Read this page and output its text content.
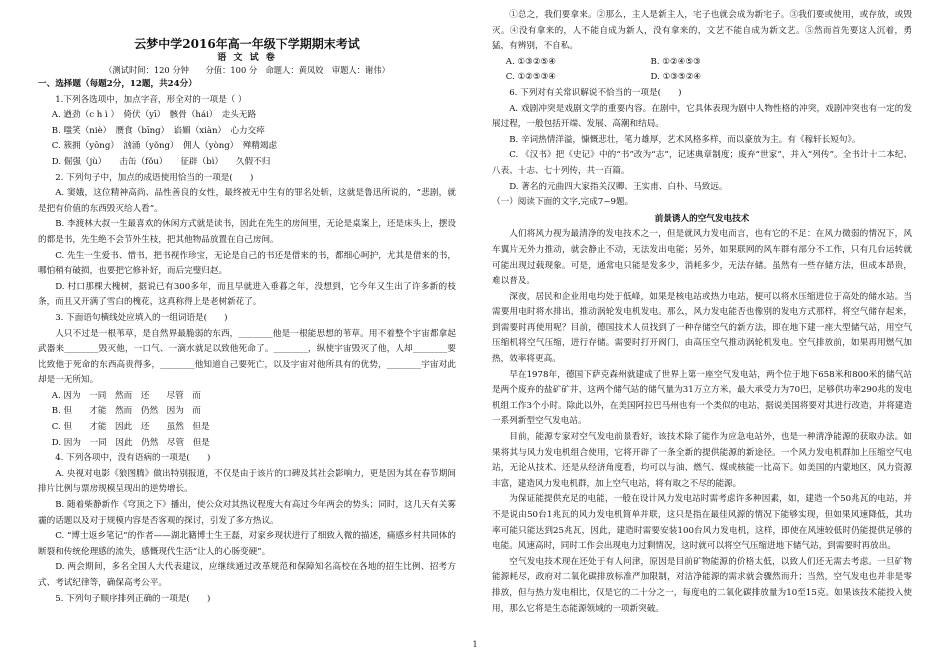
云梦中学2016年高一年级下学期期末考试
语 文 试 卷
（测试时间：120 分钟　　分值：100 分　命题人：黄凤姣　审题人：谢伟）

一、选择题（每题2分，12题，共24分）

1.下列各选项中，加点字音，形全对的一项是（ ）

A. 遒劲（c h ì ）　倚伏（yī）　骸骨（hái）　走头无路

B. 嗤笑（niè）　赝食（bīng）　谄媚（xiàn）　心力交瘁

C. 簇拥（yōng）　汹涌（yǒng）　佣人（yòng）　殚精竭虑

D. 倔强（jù）　　击缶（fǒu）　　征辟（bì）　　久假不归

2. 下列句子中，加点的成语使用恰当的一项是(　　)

A. 窦娥，这位精神高尚、品性善良的女性，最终被无中生有的罪名处斩，这就是鲁迅所说的，“悲剧，就是把有价值的东西毁灭给人看”。

B. 李渡林大叔一生最喜欢的休闲方式就是读书，因此在先生的房间里，无论是桌案上，还是床头上，摆设的都是书，先生绝不会节外生枝，把其他物品放置在自己房间。

C. 先生一生爱书、惜书，把书视作珍宝，无论是自己的书还是借来的书，都细心呵护，尤其是借来的书，哪怕稍有破损，也要把它修补好，而后完璧归赵。

D. 村口那棵大槐树，据说已有300多年，而且早就进入垂暮之年，没想到，它今年又生出了许多新的枝条，而且又开满了雪白的槐花，这真称得上是老树新花了。

3. 下面语句横线处应填入的一组词语是(　　)

人只不过是一根苇草，是自然界最脆弱的东西，________他是一根能思想的苇草。用不着整个宇宙都拿起武器来________毁灭他，一口气、一滴水就足以致他死命了。________，纵使宇宙毁灭了他，人却________要比致他于死命的东西高贵得多，________他知道自己要死亡，以及宇宙对他所具有的优势，________宇宙对此却是一无所知。

A. 因为　一同　然而　还　　尽管　而

B. 但　　才能　然而　仍然　因为　而

C. 但　　才能　因此　还　　虽然　但是

D. 因为　一同　因此　仍然　尽管　但是

4. 下列各项中，没有语病的一项是(　　)

A. 央视对电影《狼图腾》做出特别报道，不仅是由于该片的口碑及其社会影响力，更是因为其在春节期间排片比例与票房规模呈现出的逆势增长。

B. 随着柴静新作《穹顶之下》播出，使公众对其热议程度大有高过今年两会的势头；同时，这几天有关雾霾的话题以及对于规模内容是否客观的探讨，引发了多方热议。

C. “博士返乡笔记”的作者——湖北籍博士生王磊，对家乡现状进行了细致入微的描述，痛感乡村共同体的断裂和传统伦理感的流失，感慨现代生活“让人的心肠变硬”。

D. 两会期间，多名全国人大代表建议，应继续通过改革规范和保障知名高校在各地的招生比例、招考方式、考试纪律等，确保高考公平。

5. 下列句子顺序排列正确的一项是(　　)

①总之，我们要拿来。②那么，主人是新主人，宅子也就会成为新宅子。③我们要或使用，或存放，或毁灭。④没有拿来的，人不能自成为新人，没有拿来的，文艺不能自成为新文艺。⑤然而首先要这人沉着，勇猛，有辨别，不自私。

A. ①③②⑤④　　　　　　　　　　　B. ①②④⑤③

C. ①②⑤③④　　　　　　　　　　　D. ①③⑤②④

6. 下列对有关常识解说不恰当的一项是(　　)

A. 戏剧冲突是戏剧文学的重要内容。在剧中，它具体表现为剧中人物性格的冲突，戏剧冲突也有一定的发展过程，一般包括开端、发展、高潮和结局。

B. 辛词热情洋溢，慷慨悲壮，笔力雄厚，艺术风格多样，而以豪放为主。有《稼轩长短句》。

C. 《汉书》把《史记》中的“书”改为“志”，记述典章制度；废弃“世家”，并入“列传”。全书计十二本纪、八表、十志、七十列传，共一百篇。

D. 著名的元曲四大家指关汉卿、王实甫、白朴、马致远。

（一）阅读下面的文字,完成7~9题。

前景诱人的空气发电技术

人们将风力视为最清净的发电技术之一，但是就风力发电而言，也有它的不足：在风力微弱的情况下，风车翼片无外力推动，就会静止不动，无法发出电能；另外，如果联网的风车群有部分不工作，只有几台运转就可能出现过载现象。可是，通常电只能是发多少，消耗多少，无法存储。虽然有一些存储方法，但成本昂贵，难以普及。

深夜，居民和企业用电均处于低峰，如果是核电站或热力电站，便可以将水压缩进位于高处的储水站。当需要用电时将水排出，推动涡轮发电机发电。那么，风力发电能否也像别的发电方式那样，将空气储存起来，到需要时再使用呢？目前，德国技术人员找到了一种存储空气的新方法，即在地下建一座大型储气站，用空气压缩机将空气压缩，进行存储。需要时打开阀门，由高压空气推动涡轮机发电。空气排放前，如果再用燃气加热，效率将更高。

早在1978年，德国下萨克森州就建成了世界上第一座空气发电站，两个位于地下658米和800米的储气站是两个废弃的盐矿矿井，这两个储气站的储气量为31万立方米，最大承受力为70巴，足够供功率290兆的发电机组工作3个小时。除此以外，在美国阿拉巴马州也有一个类似的电站，据说美国将要对其进行改造，并将建造一系列新型空气发电站。

目前，能源专家对空气发电前景看好，该技术除了能作为应急电站外，也是一种清净能源的获取办法。如果将其与风力发电机组合使用，它将开辟了一条全新的提供能源的新途径。一个风力发电机群加上压缩空气电站，无论从技术、还是从经济角度看，均可以与油、燃气、煤或核能一比高下。如美国的内蒙地区，风力资源丰富，建造风力发电机群，加上空气电站，将有取之不尽的能源。

为保证能提供充足的电能，一般在设计风力发电站时需考虑许多种因素，如，建造一个50兆瓦的电站，并不是说由50台1兆瓦的风力发电机简单并联，这只是指在最佳风源的情况下能够实现，但如果风速降低，其功率可能只能达到25兆瓦，因此，建造时需要安装100台风力发电机，这样，即使在风速较低时仍能提供足够的电能。风速高时，同时工作会出现电力过剩情况，这时就可以将空气压缩进地下储气站，到需要时再放出。

空气发电技术现在还处于有人问津，原因是目前矿物能源的价格太低，以致人们还无需去考虑。一旦矿物能源耗尽，政府对二氧化碳排放标准严加限制，对洁净能源的需求就会骤然而升；当然，空气发电也并非是零排放，但与热力发电相比，仅是它的二十分之一，每度电的二氧化碳排放量为10至15克。如果该技术能投入使用，那么它将是生态能源领域的一项新突破。

1
